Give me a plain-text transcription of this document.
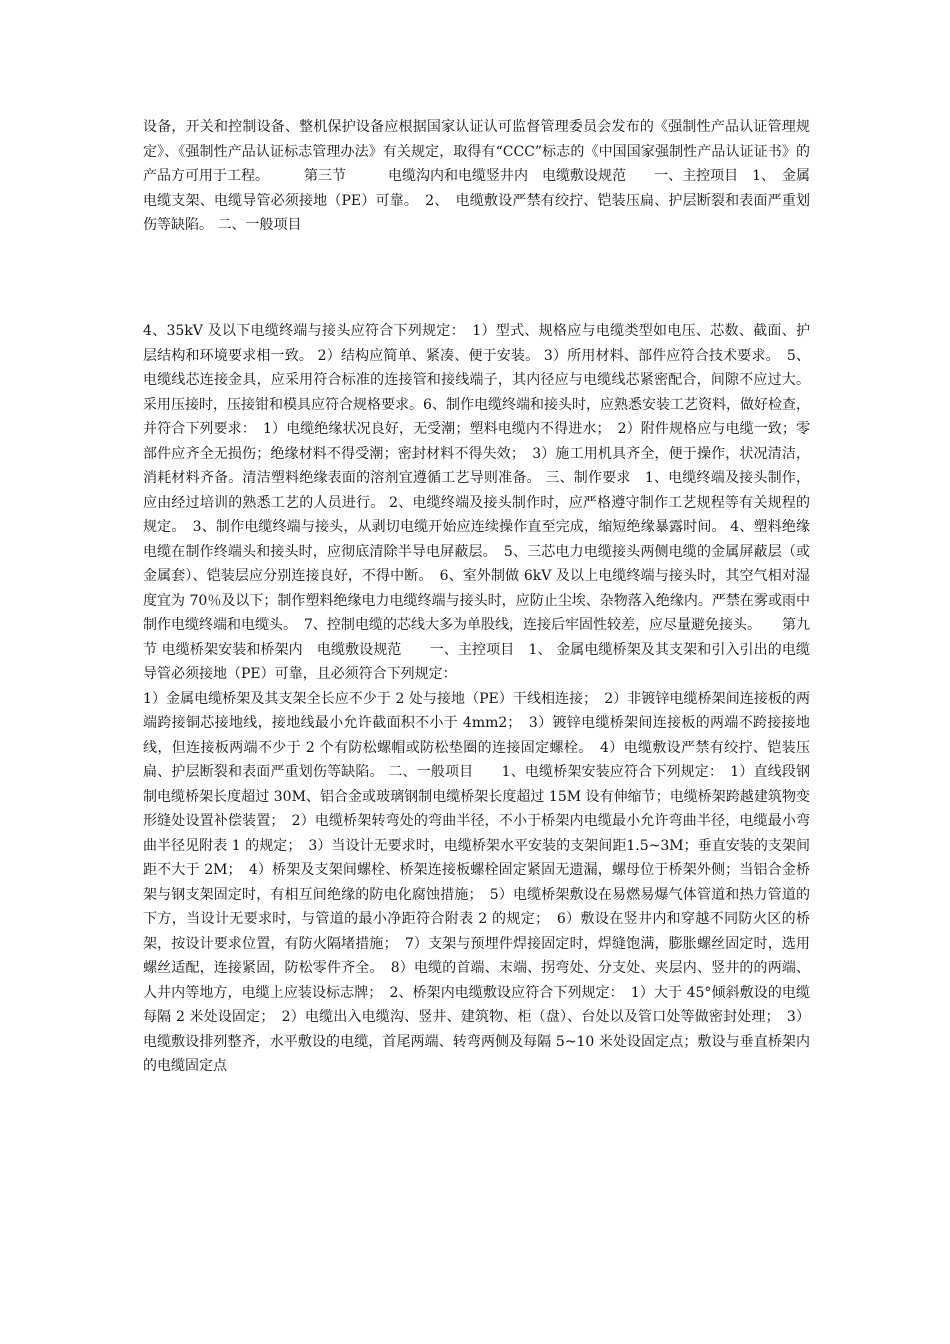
设备，开关和控制设备、整机保护设备应根据国家认证认可监督管理委员会发布的《强制性产品认证管理规定》、《强制性产品认证标志管理办法》有关规定，取得有“CCC”标志的《中国国家强制性产品认证证书》的产品方可用于工程。　　　第三节　　　电缆沟内和电缆竖井内　电缆敷设规范　　一、主控项目　1、　金属电缆支架、电缆导管必须接地（PE）可靠。　2、　电缆敷设严禁有绞拧、铠装压扁、护层断裂和表面严重划伤等缺陷。 二、一般项目

4、35kV 及以下电缆终端与接头应符合下列规定：　1）型式、规格应与电缆类型如电压、芯数、截面、护层结构和环境要求相一致。 2）结构应简单、紧凑、便于安装。 3）所用材料、部件应符合技术要求。　5、电缆线芯连接金具，应采用符合标准的连接管和接线端子，其内径应与电缆线芯紧密配合，间隙不应过大。采用压接时，压接钳和模具应符合规格要求。6、制作电缆终端和接头时，应熟悉安装工艺资料，做好检查，并符合下列要求：　1）电缆绝缘状况良好，无受潮；塑料电缆内不得进水；　2）附件规格应与电缆一致；零部件应齐全无损伤；绝缘材料不得受潮；密封材料不得失效；　3）施工用机具齐全，便于操作，状况清洁，消耗材料齐备。清洁塑料绝缘表面的溶剂宜遵循工艺导则准备。 三、制作要求　1、电缆终端及接头制作，应由经过培训的熟悉工艺的人员进行。 2、电缆终端及接头制作时，应严格遵守制作工艺规程等有关规程的规定。　3、制作电缆终端与接头，从剥切电缆开始应连续操作直至完成，缩短绝缘暴露时间。 4、塑料绝缘电缆在制作终端头和接头时，应彻底清除半导电屏蔽层。　5、三芯电力电缆接头两侧电缆的金属屏蔽层（或金属套）、铠装层应分别连接良好，不得中断。　6、室外制做 6kV 及以上电缆终端与接头时，其空气相对湿度宜为 70％及以下；制作塑料绝缘电力电缆终端与接头时，应防止尘埃、杂物落入绝缘内。严禁在雾或雨中制作电缆终端和电缆头。　7、控制电缆的芯线大多为单股线，连接后牢固性较差，应尽量避免接头。　　第九节 电缆桥架安装和桥架内　电缆敷设规范　　一、主控项目　1、 金属电缆桥架及其支架和引入引出的电缆导管必须接地（PE）可靠，且必须符合下列规定：
1）金属电缆桥架及其支架全长应不少于 2 处与接地（PE）干线相连接；　2）非镀锌电缆桥架间连接板的两端跨接铜芯接地线，接地线最小允许截面积不小于 4mm2；　3）镀锌电缆桥架间连接板的两端不跨接接地线，但连接板两端不少于 2 个有防松螺帽或防松垫圈的连接固定螺栓。　4）电缆敷设严禁有绞拧、铠装压扁、护层断裂和表面严重划伤等缺陷。 二、一般项目　　1、电缆桥架安装应符合下列规定：　1）直线段钢制电缆桥架长度超过 30M、铝合金或玻璃钢制电缆桥架长度超过 15M 设有伸缩节；电缆桥架跨越建筑物变形缝处设置补偿装置；　2）电缆桥架转弯处的弯曲半径，不小于桥架内电缆最小允许弯曲半径，电缆最小弯曲半径见附表 1 的规定；　3）当设计无要求时，电缆桥架水平安装的支架间距1.5~3M；垂直安装的支架间距不大于 2M；　4）桥架及支架间螺栓、桥架连接板螺栓固定紧固无遗漏，螺母位于桥架外侧；当铝合金桥架与钢支架固定时，有相互间绝缘的防电化腐蚀措施；　5）电缆桥架敷设在易燃易爆气体管道和热力管道的下方，当设计无要求时，与管道的最小净距符合附表 2 的规定；　6）敷设在竖井内和穿越不同防火区的桥架，按设计要求位置，有防火隔堵措施；　7）支架与预埋件焊接固定时，焊缝饱满，膨胀螺丝固定时，选用螺丝适配，连接紧固，防松零件齐全。　8）电缆的首端、末端、拐弯处、分支处、夹层内、竖井的的两端、人井内等地方，电缆上应装设标志牌；　2、桥架内电缆敷设应符合下列规定：　1）大于 45°倾斜敷设的电缆每隔 2 米处设固定；　2）电缆出入电缆沟、竖井、建筑物、柜（盘）、台处以及管口处等做密封处理；　3）电缆敷设排列整齐，水平敷设的电缆，首尾两端、转弯两侧及每隔 5~10 米处设固定点；敷设与垂直桥架内的电缆固定点
